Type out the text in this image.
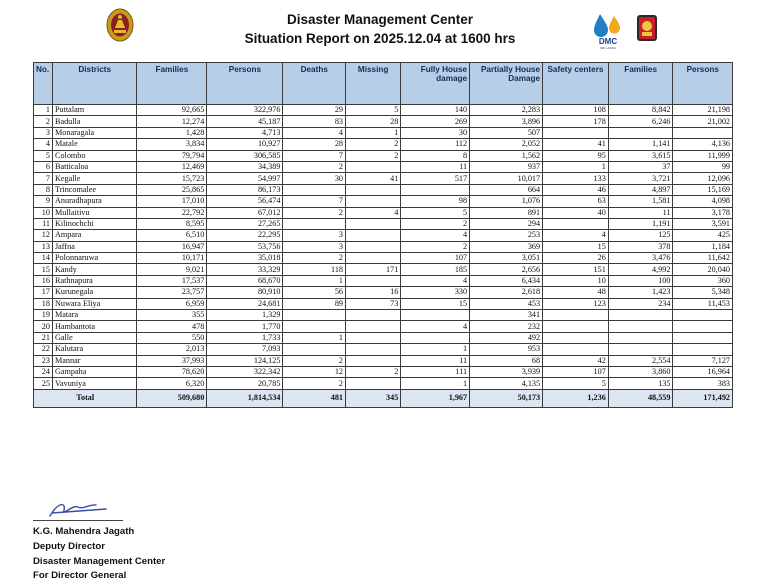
Disaster Management Center
Situation Report on 2025.12.04 at 1600 hrs	DMC
SRI LANKA
No.	Districts	Families	Persons	Deaths	Missing	Fully House damage	Partially House Damage	Safety centers	Families	Persons
1	Puttalam	92,665	322,976	29	5	140	2,283	108	8,842	21,198
2	Badulla	12,274	45,187	83	28	269	3,896	178	6,246	21,002
3	Monaragala	1,428	4,713	4	1	30	507			
4	Matale	3,834	10,927	28	2	112	2,052	41	1,141	4,136
5	Colombo	79,794	306,585	7	2	8	1,562	95	3,615	11,999
6	Batticaloa	12,469	34,389	2		11	937	1	37	99
7	Kegalle	15,723	54,997	30	41	517	10,017	133	3,721	12,096
8	Trincomalee	25,865	86,173				664	46	4,897	15,169
9	Anuradhapura	17,010	56,474	7		98	1,076	63	1,581	4,098
10	Mullaitivu	22,792	67,012	2	4	5	891	40	11	3,178
11	Kilinochchi	8,595	27,265			2	294		1,191	3,591
12	Ampara	6,510	22,295	3		4	253	4	125	425
13	Jaffna	16,947	53,756	3		2	369	15	378	1,184
14	Polonnaruwa	10,171	35,018	2		107	3,051	26	3,476	11,642
15	Kandy	9,021	33,329	118	171	185	2,656	151	4,992	20,040
16	Rathnapura	17,537	68,670	1		4	6,434	10	100	360
17	Kurunegala	23,757	80,910	56	16	330	2,618	48	1,423	5,348
18	Nuwara Eliya	6,959	24,681	89	73	15	453	123	234	11,453
19	Matara	355	1,329				341			
20	Hambantota	478	1,770			4	232			
21	Galle	550	1,733	1			492			
22	Kalutara	2,013	7,093			1	953			
23	Mannar	37,993	124,125	2		11	68	42	2,554	7,127
24	Gampaha	78,620	322,342	12	2	111	3,939	107	3,860	16,964
25	Vavuniya	6,320	20,785	2		1	4,135	5	135	383
Total		509,680	1,814,534	481	345	1,967	50,173	1,236	48,559	171,492
K.G. Mahendra Jagath
Deputy Director
Disaster Management Center
For Director General
